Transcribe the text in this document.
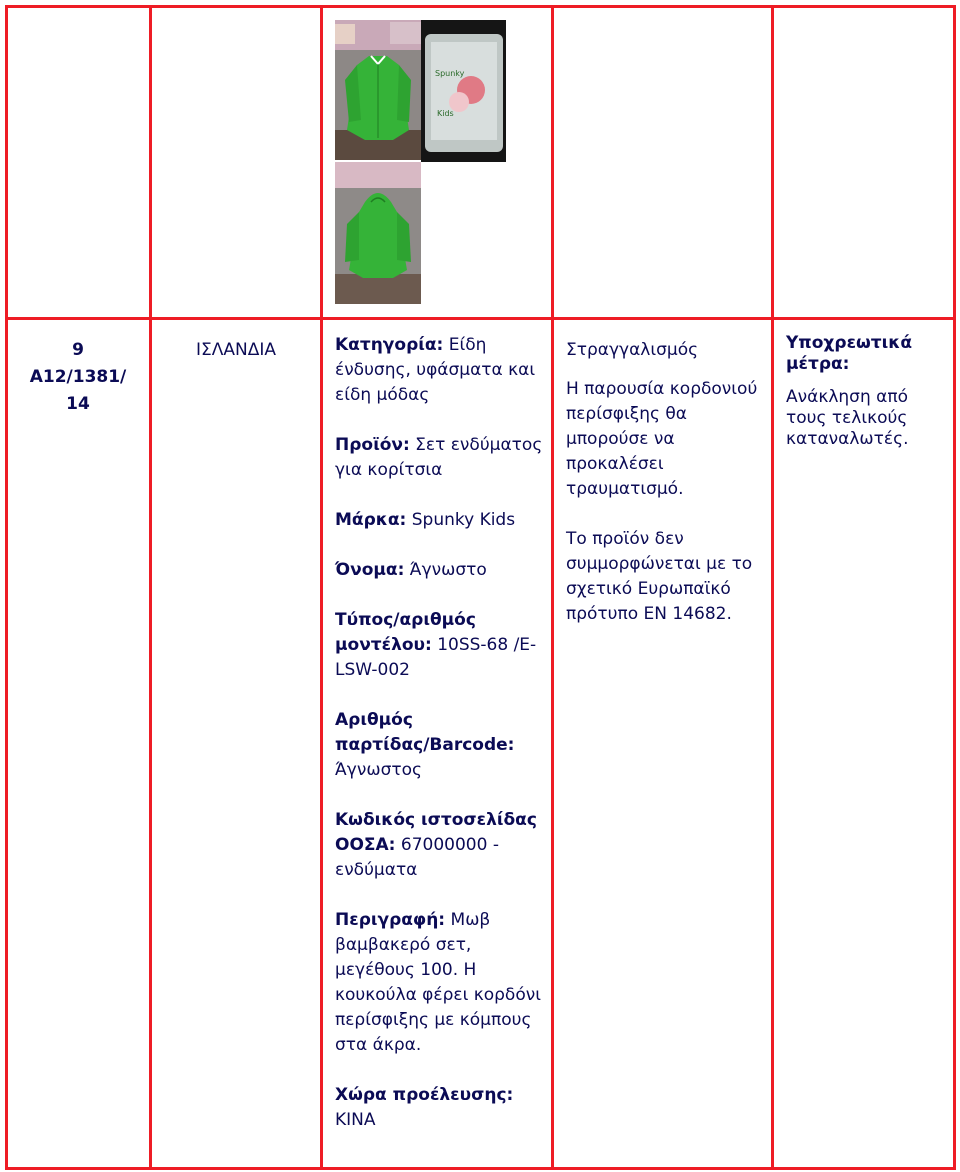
Spunky
Kids
9
A12/1381/
14
ΙΣΛΑΝΔΙΑ	Κατηγορία: Είδη ένδυσης, υφάσματα και είδη μόδας
Προϊόν: Σετ ενδύματος για κορίτσια
Μάρκα: Spunky Kids
Όνομα: Άγνωστο
Τύπος/αριθμός μοντέλου: 10SS-68 /E-LSW-002
Αριθμός παρτίδας/Barcode: Άγνωστος
Κωδικός ιστοσελίδας ΟΟΣΑ: 67000000 - ενδύματα
Περιγραφή: Μωβ βαμβακερό σετ, μεγέθους 100. Η κουκούλα φέρει κορδόνι περίσφιξης με κόμπους στα άκρα.
Χώρα προέλευσης: ΚΙΝΑ
Στραγγαλισμός
Η παρουσία κορδονιού περίσφιξης θα μπορούσε να προκαλέσει τραυματισμό.
Το προϊόν δεν συμμορφώνεται με το σχετικό Ευρωπαϊκό πρότυπο EN 14682.
Υποχρεωτικά μέτρα:
Ανάκληση από τους τελικούς καταναλωτές.
